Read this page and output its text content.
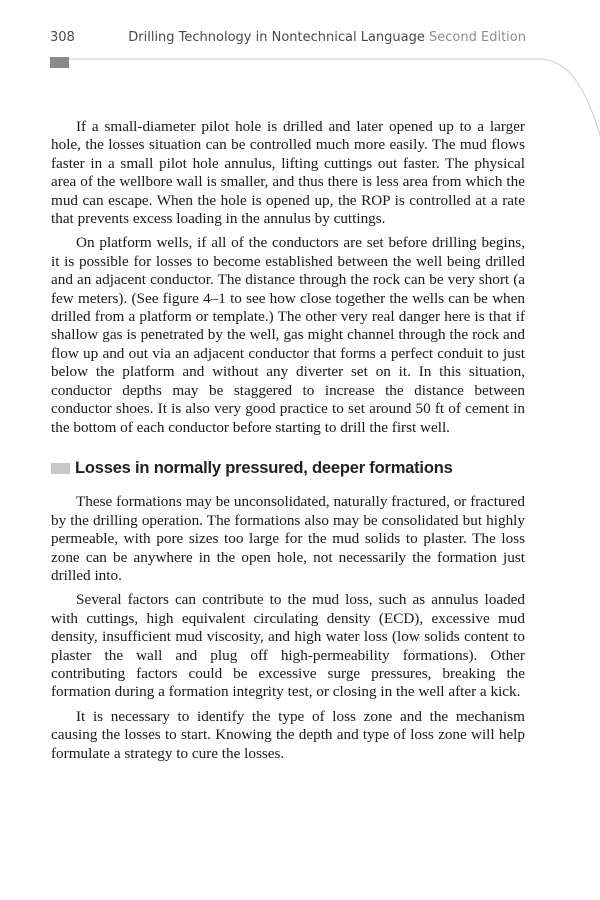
308	Drilling Technology in Nontechnical Language Second Edition

If a small-diameter pilot hole is drilled and later opened up to a larger hole, the losses situation can be controlled much more easily. The mud flows faster in a small pilot hole annulus, lifting cuttings out faster. The physical area of the wellbore wall is smaller, and thus there is less area from which the mud can escape. When the hole is opened up, the ROP is controlled at a rate that prevents excess loading in the annulus by cuttings.

On platform wells, if all of the conductors are set before drilling begins, it is possible for losses to become established between the well being drilled and an adjacent conductor. The distance through the rock can be very short (a few meters). (See figure 4–1 to see how close together the wells can be when drilled from a platform or template.) The other very real danger here is that if shallow gas is penetrated by the well, gas might channel through the rock and flow up and out via an adjacent conductor that forms a perfect conduit to just below the platform and without any diverter set on it. In this situation, conductor depths may be staggered to increase the distance between conductor shoes. It is also very good practice to set around 50 ft of cement in the bottom of each conductor before starting to drill the first well.

Losses in normally pressured, deeper formations

These formations may be unconsolidated, naturally fractured, or fractured by the drilling operation. The formations also may be consolidated but highly permeable, with pore sizes too large for the mud solids to plaster. The loss zone can be anywhere in the open hole, not necessarily the formation just drilled into.

Several factors can contribute to the mud loss, such as annulus loaded with cuttings, high equivalent circulating density (ECD), excessive mud density, insufficient mud viscosity, and high water loss (low solids content to plaster the wall and plug off high-permeability formations). Other contributing factors could be excessive surge pressures, breaking the formation during a formation integrity test, or closing in the well after a kick.

It is necessary to identify the type of loss zone and the mechanism causing the losses to start. Knowing the depth and type of loss zone will help formulate a strategy to cure the losses.
